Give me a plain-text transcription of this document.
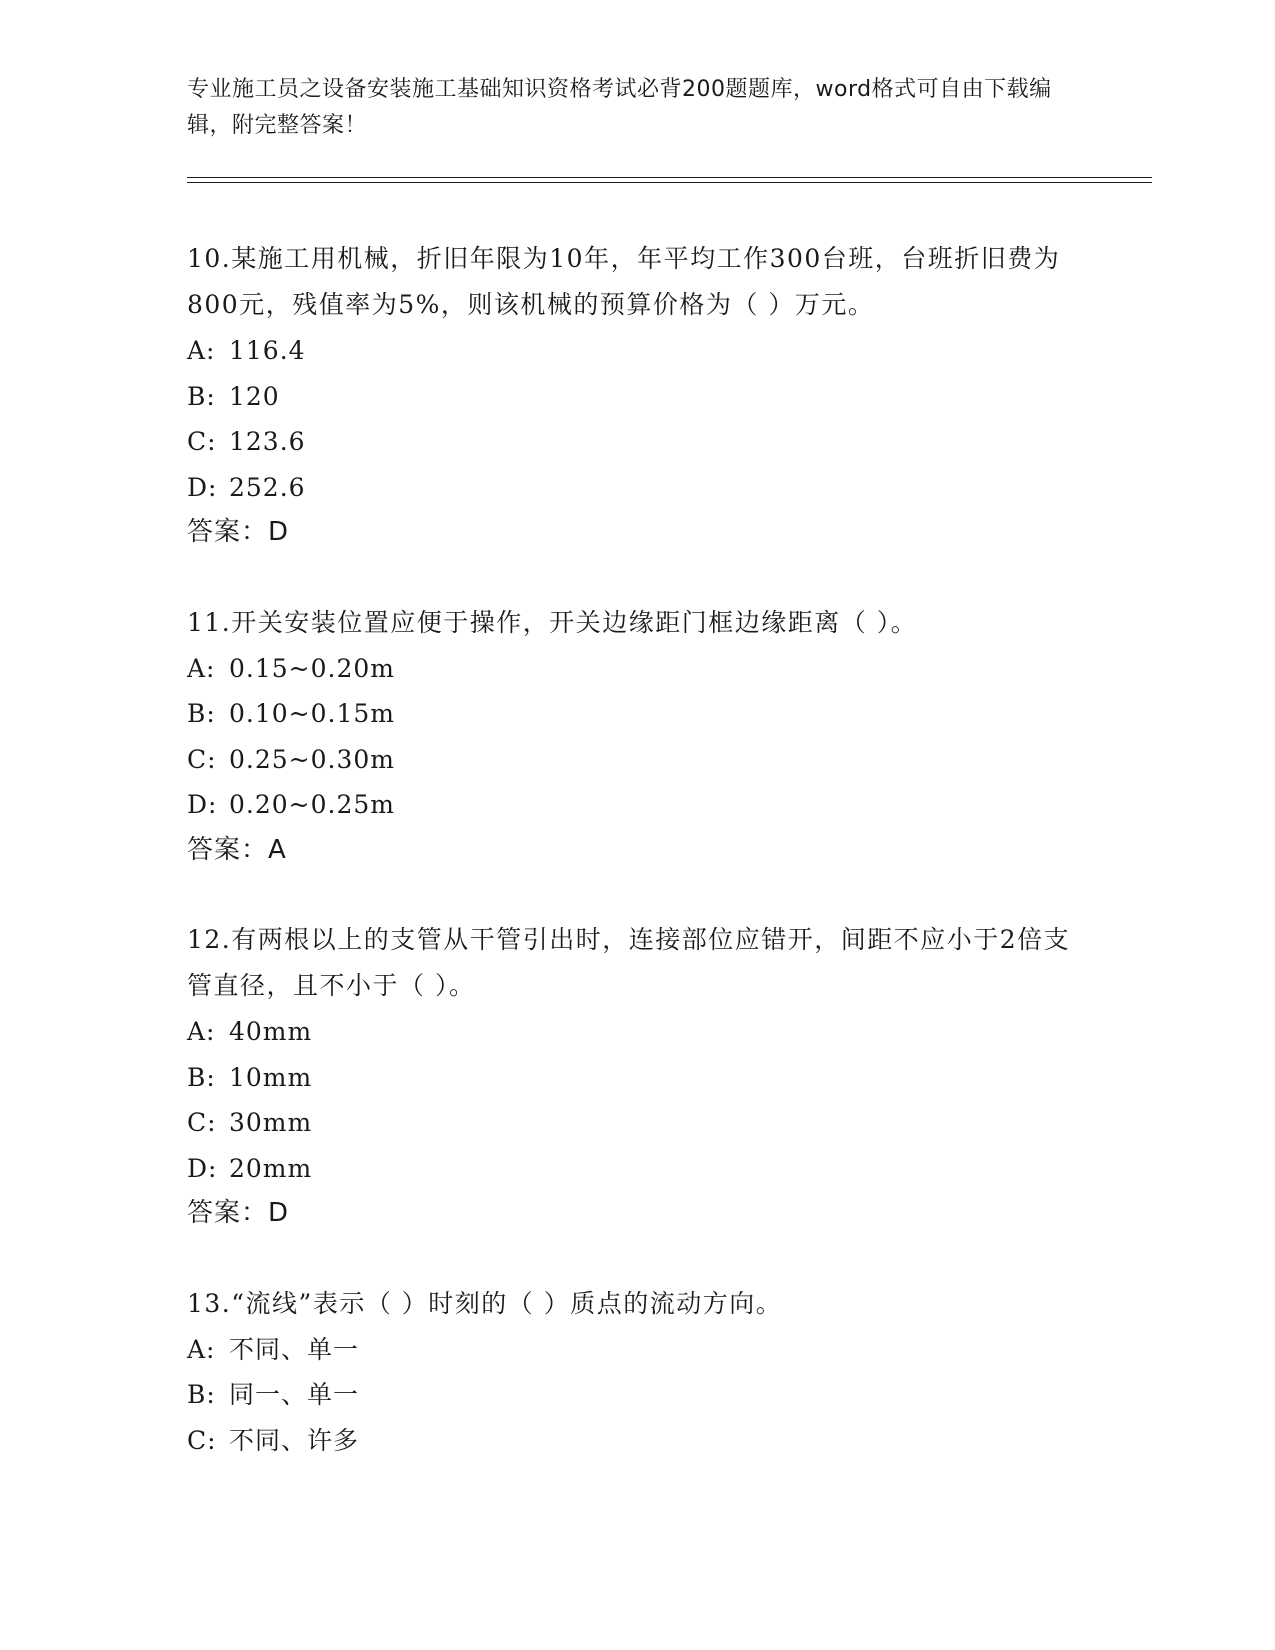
专业施工员之设备安装施工基础知识资格考试必背200题题库，word格式可自由下载编辑，附完整答案！
10.某施工用机械，折旧年限为10年，年平均工作300台班，台班折旧费为800元，残值率为5%，则该机械的预算价格为（ ）万元。
A: 116.4
B: 120
C: 123.6
D: 252.6
答案：D
11.开关安装位置应便于操作，开关边缘距门框边缘距离（ ）。
A: 0.15~0.20m
B: 0.10~0.15m
C: 0.25~0.30m
D: 0.20~0.25m
答案：A
12.有两根以上的支管从干管引出时，连接部位应错开，间距不应小于2倍支管直径，且不小于（ ）。
A: 40mm
B: 10mm
C: 30mm
D: 20mm
答案：D
13.“流线”表示（ ）时刻的（ ）质点的流动方向。
A: 不同、单一
B: 同一、单一
C: 不同、许多
